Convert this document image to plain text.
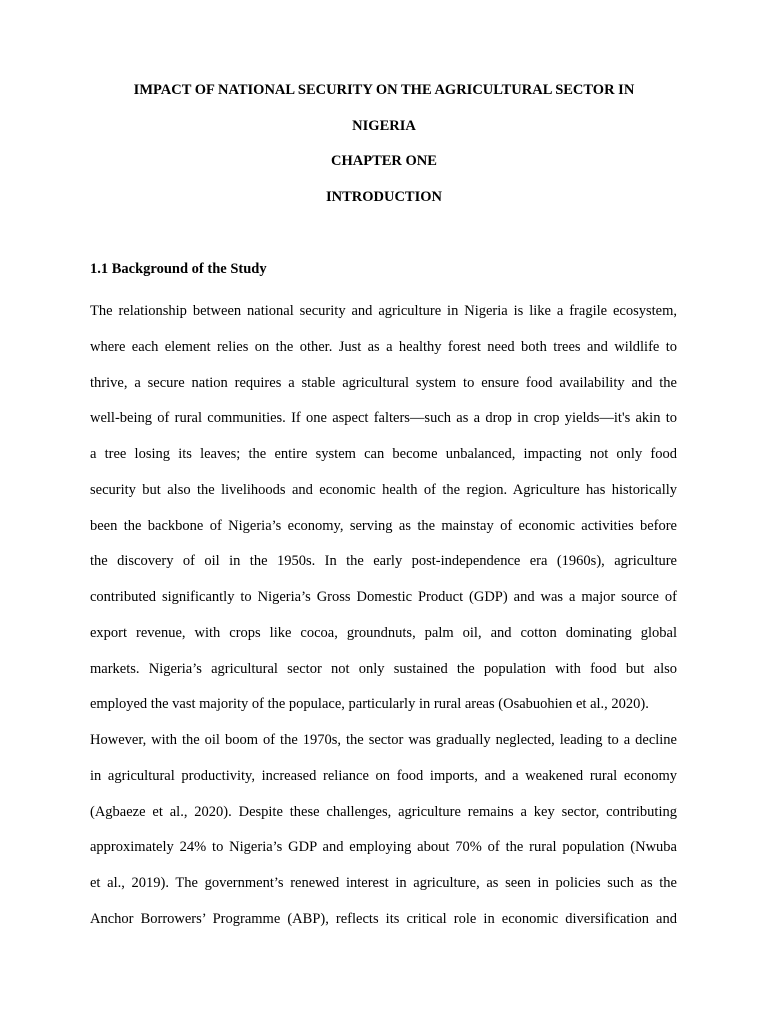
IMPACT OF NATIONAL SECURITY ON THE AGRICULTURAL SECTOR IN
NIGERIA
CHAPTER ONE
INTRODUCTION
1.1 Background of the Study
The relationship between national security and agriculture in Nigeria is like a fragile ecosystem,
where each element relies on the other. Just as a healthy forest need both trees and wildlife to
thrive, a secure nation requires a stable agricultural system to ensure food availability and the
well-being of rural communities. If one aspect falters—such as a drop in crop yields—it's akin to
a tree losing its leaves; the entire system can become unbalanced, impacting not only food
security but also the livelihoods and economic health of the region. Agriculture has historically
been the backbone of Nigeria’s economy, serving as the mainstay of economic activities before
the discovery of oil in the 1950s. In the early post-independence era (1960s), agriculture
contributed significantly to Nigeria’s Gross Domestic Product (GDP) and was a major source of
export revenue, with crops like cocoa, groundnuts, palm oil, and cotton dominating global
markets. Nigeria’s agricultural sector not only sustained the population with food but also
employed the vast majority of the populace, particularly in rural areas (Osabuohien et al., 2020).
However, with the oil boom of the 1970s, the sector was gradually neglected, leading to a decline
in agricultural productivity, increased reliance on food imports, and a weakened rural economy
(Agbaeze et al., 2020). Despite these challenges, agriculture remains a key sector, contributing
approximately 24% to Nigeria’s GDP and employing about 70% of the rural population (Nwuba
et al., 2019). The government’s renewed interest in agriculture, as seen in policies such as the
Anchor Borrowers’ Programme (ABP), reflects its critical role in economic diversification and
